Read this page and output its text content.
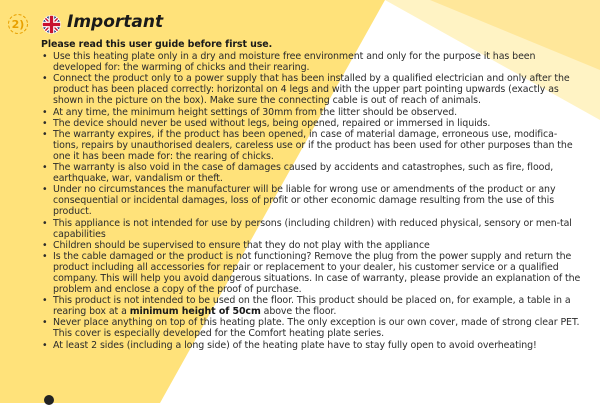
2)	Important
Please read this user guide before first use.
• Use this heating plate only in a dry and moisture free environment and only for the purpose it has been developed for: the warming of chicks and their rearing.
• Connect the product only to a power supply that has been installed by a qualified electrician and only after the product has been placed correctly: horizontal on 4 legs and with the upper part pointing upwards (exactly as shown in the picture on the box). Make sure the connecting cable is out of reach of animals.
• At any time, the minimum height settings of 30mm from the litter should be observed.
• The device should never be used without legs, being opened, repaired or immersed in liquids.
• The warranty expires, if the product has been opened, in case of material damage, erroneous use, modifica-tions, repairs by unauthorised dealers, careless use or if the product has been used for other purposes than the one it has been made for: the rearing of chicks.
• The warranty is also void in the case of damages caused by accidents and catastrophes, such as fire, flood, earthquake, war, vandalism or theft.
• Under no circumstances the manufacturer will be liable for wrong use or amendments of the product or any consequential or incidental damages, loss of profit or other economic damage resulting from the use of this product.
• This appliance is not intended for use by persons (including children) with reduced physical, sensory or men-tal capabilities
• Children should be supervised to ensure that they do not play with the appliance
• Is the cable damaged or the product is not functioning? Remove the plug from the power supply and return the product including all accessories for repair or replacement to your dealer, his customer service or a qualified company. This will help you avoid dangerous situations. In case of warranty, please provide an explanation of the problem and enclose a copy of the proof of purchase.
• This product is not intended to be used on the floor. This product should be placed on, for example, a table in a rearing box at a minimum height of 50cm above the floor.
• Never place anything on top of this heating plate. The only exception is our own cover, made of strong clear PET. This cover is especially developed for the Comfort heating plate series.
• At least 2 sides (including a long side) of the heating plate have to stay fully open to avoid overheating!
